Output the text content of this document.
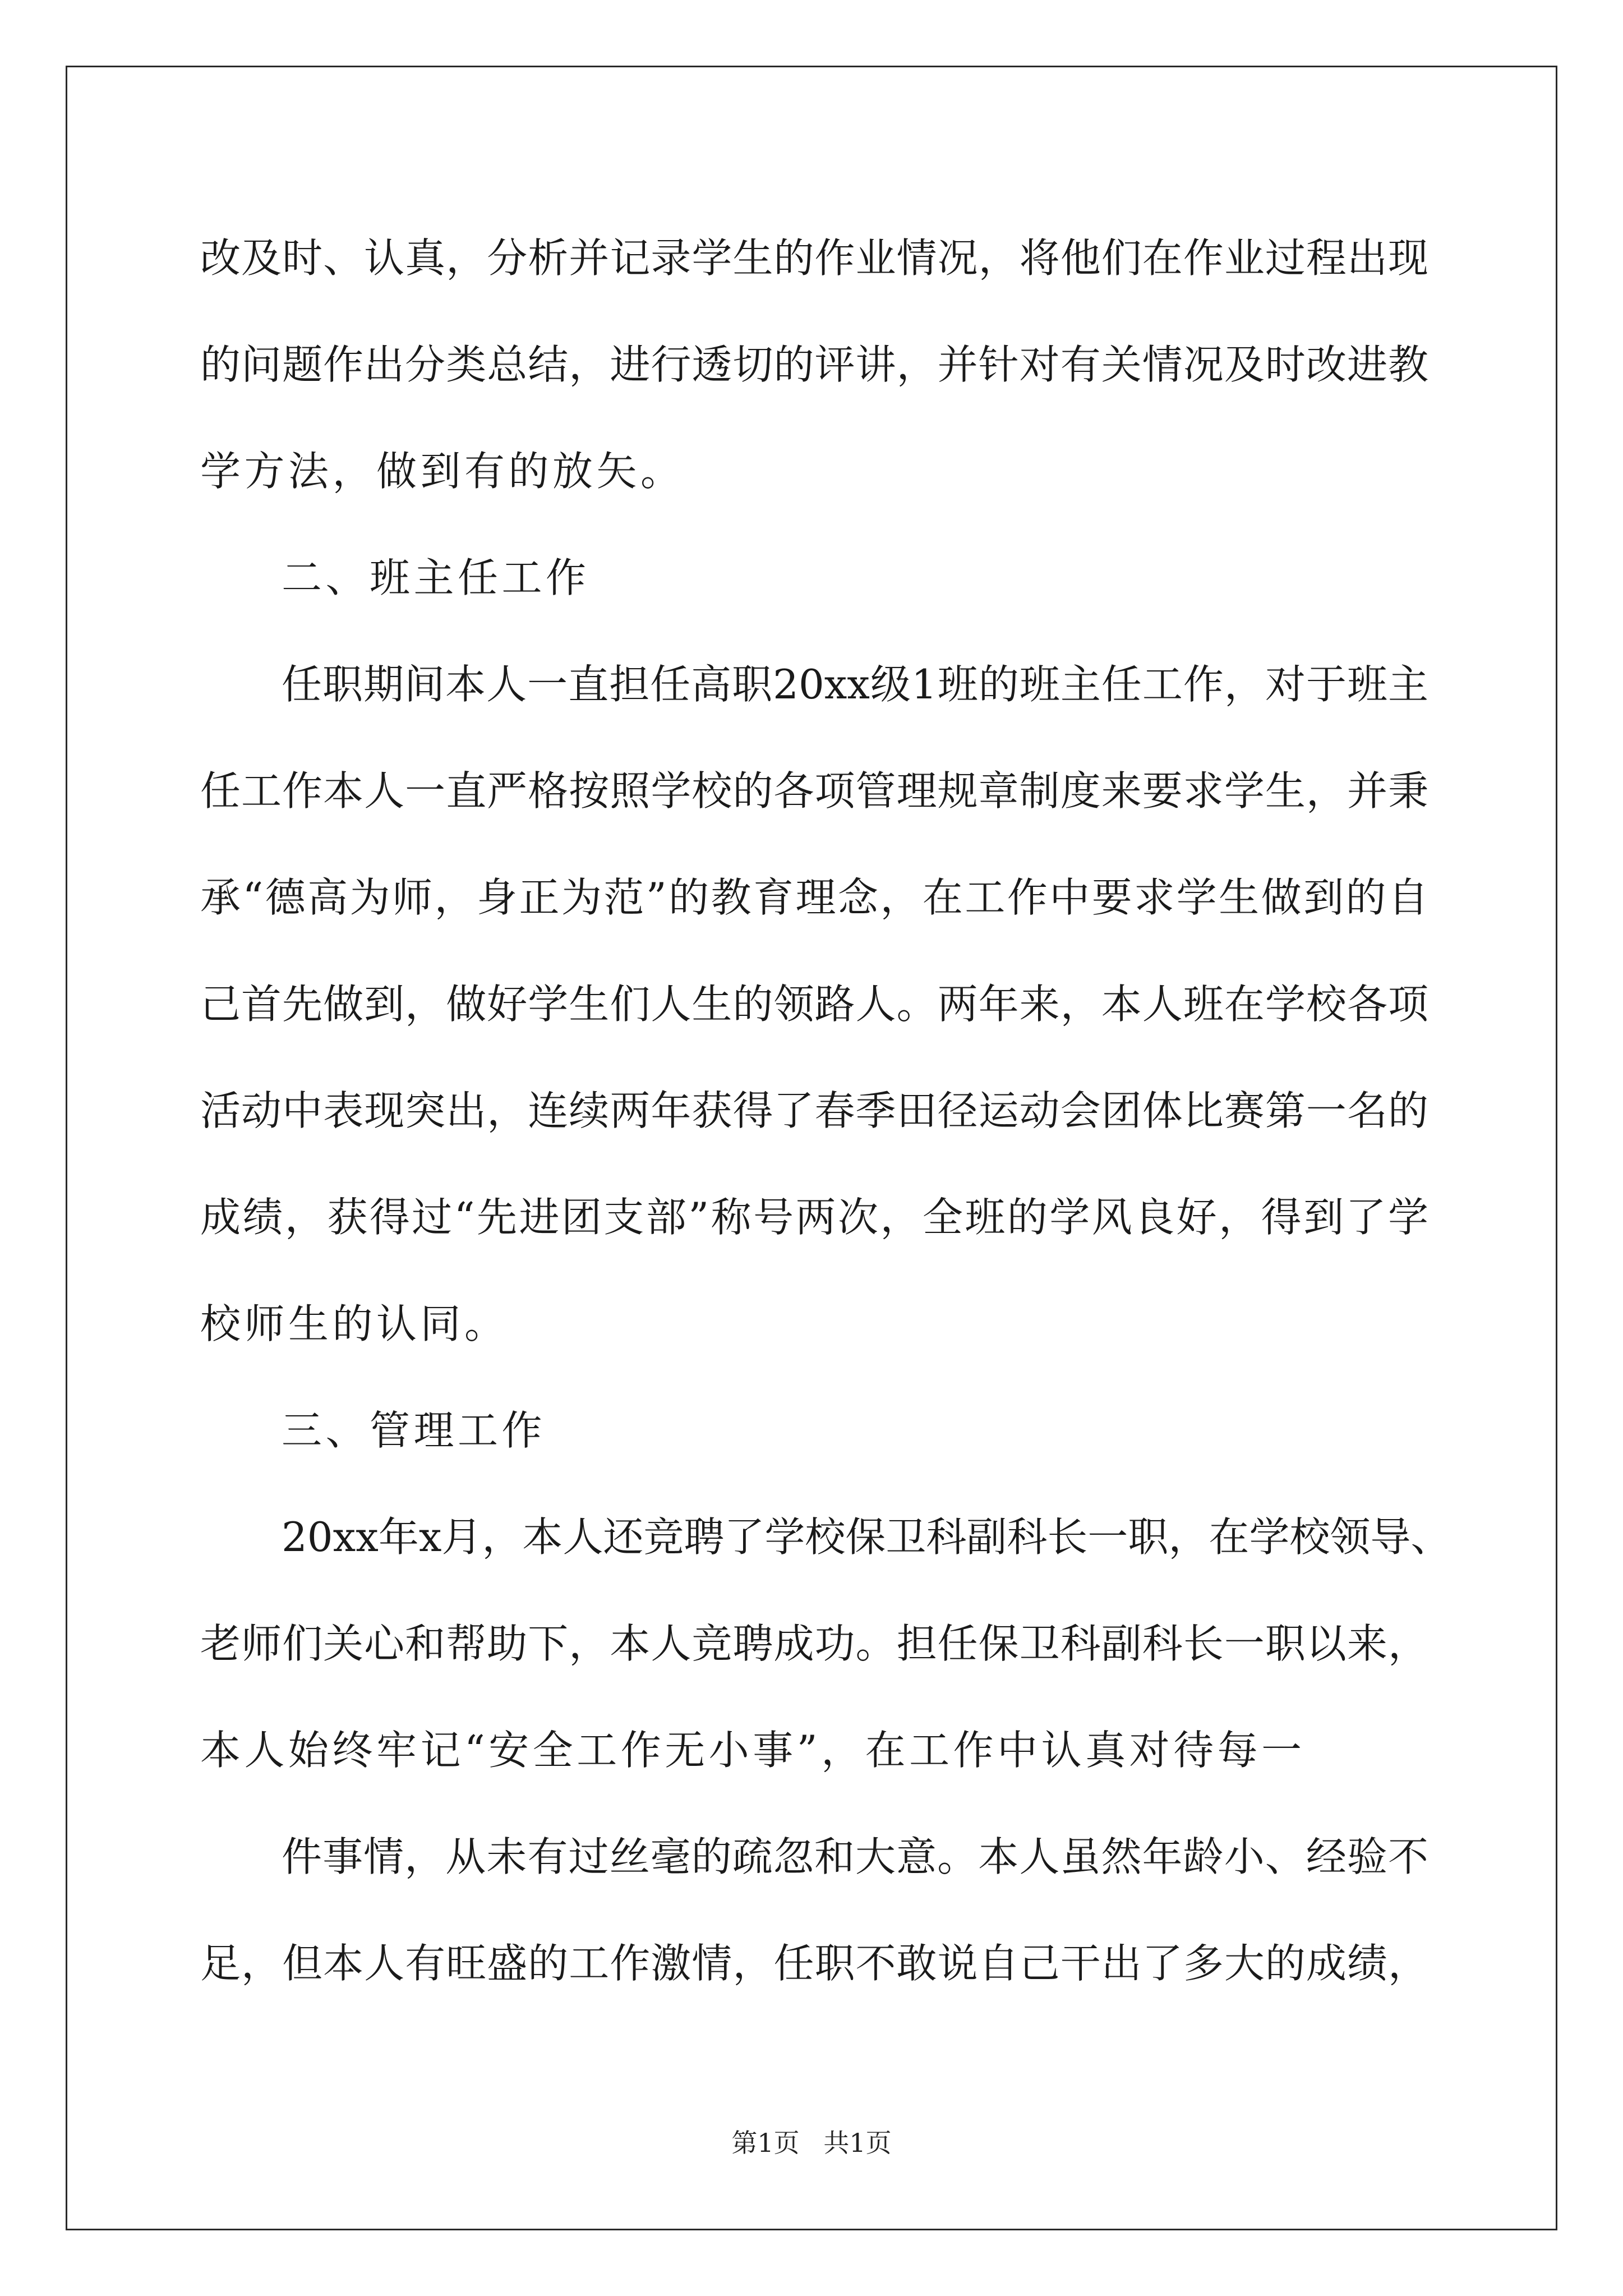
改及时、认真，分析并记录学生的作业情况，将他们在作业过程出现
的问题作出分类总结，进行透切的评讲，并针对有关情况及时改进教
学方法，做到有的放矢。
二、班主任工作
任职期间本人一直担任高职20xx级1班的班主任工作，对于班主
任工作本人一直严格按照学校的各项管理规章制度来要求学生，并秉
承“德高为师，身正为范”的教育理念，在工作中要求学生做到的自
己首先做到，做好学生们人生的领路人。两年来，本人班在学校各项
活动中表现突出，连续两年获得了春季田径运动会团体比赛第一名的
成绩，获得过“先进团支部”称号两次，全班的学风良好，得到了学
校师生的认同。
三、管理工作
20xx年x月，本人还竞聘了学校保卫科副科长一职，在学校领导、
老师们关心和帮助下，本人竞聘成功。担任保卫科副科长一职以来，
本人始终牢记“安全工作无小事”，在工作中认真对待每一
件事情，从未有过丝毫的疏忽和大意。本人虽然年龄小、经验不
足，但本人有旺盛的工作激情，任职不敢说自己干出了多大的成绩，
第1页 共1页
